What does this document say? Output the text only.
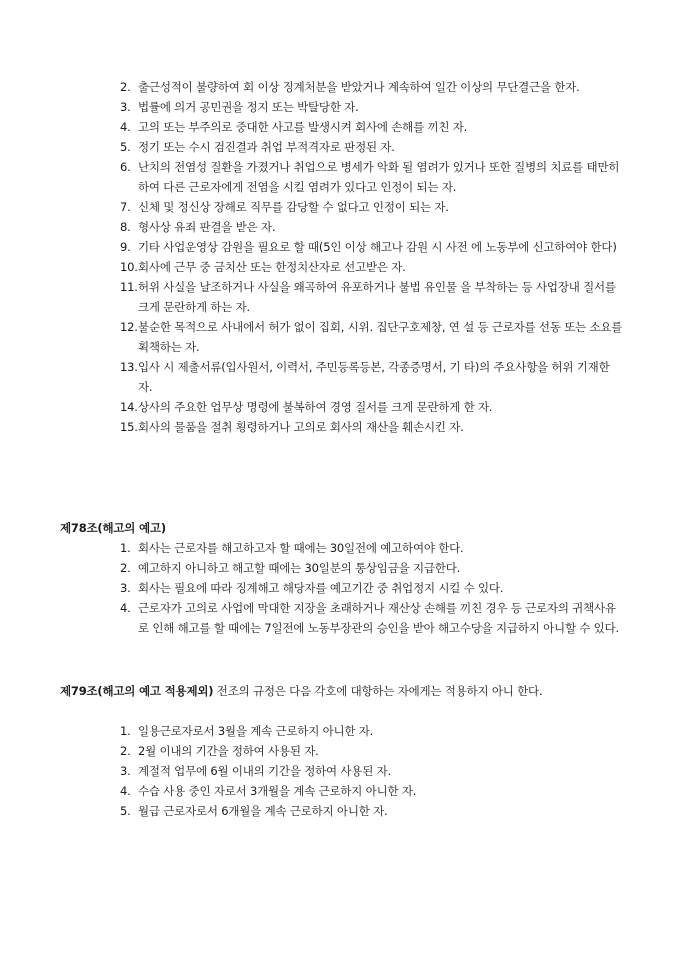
2. 출근성적이 불량하여 회 이상 징계처분을 받았거나 계속하여 일간 이상의 무단결근을 한자.
3. 법률에 의거 공민권을 정지 또는 박탈당한 자.
4. 고의 또는 부주의로 중대한 사고를 발생시켜 회사에 손해를 끼친 자.
5. 정기 또는 수시 검진결과 취업 부적격자로 판정된 자.
6. 난치의 전염성 질환을 가졌거나 취업으로 병세가 악화 될 염려가 있거나 또한 질병의 치료를 태만히 하여 다른 근로자에게 전염을 시킬 염려가 있다고 인정이 되는 자.
7. 신체 및 정신상 장해로 직무를 감당할 수 없다고 인정이 되는 자.
8. 형사상 유죄 판결을 받은 자.
9. 기타 사업운영상 감원을 필요로 할 때(5인 이상 해고나 감원 시 사전 에 노동부에 신고하여야 한다)
10. 회사에 근무 중 금치산 또는 한정치산자로 선고받은 자.
11. 허위 사실을 날조하거나 사실을 왜곡하여 유포하거나 불법 유인물 을 부착하는 등 사업장내 질서를 크게 문란하게 하는 자.
12. 불순한 목적으로 사내에서 허가 없이 집회, 시위. 집단구호제창, 연 설 등 근로자를 선동 또는 소요를 획책하는 자.
13. 입사 시 제출서류(입사원서, 이력서, 주민등록등본, 각종증명서, 기 타)의 주요사항을 허위 기재한 자.
14. 상사의 주요한 업무상 명령에 불복하여 경영 질서를 크게 문란하게 한 자.
15. 회사의 물품을 절취 횡령하거나 고의로 회사의 재산을 훼손시킨 자.
제78조(해고의 예고)
1. 회사는 근로자를 해고하고자 할 때에는 30일전에 예고하여야 한다.
2. 예고하지 아니하고 해고할 때에는 30일분의 통상임금을 지급한다.
3. 회사는 필요에 따라 징계해고 해당자를 예고기간 중 취업정지 시킬 수 있다.
4. 근로자가 고의로 사업에 막대한 지장을 초래하거나 재산상 손해를 끼친 경우 등 근로자의 귀책사유로 인해 해고를 할 때에는 7일전에 노동부장관의 승인을 받아 해고수당을 지급하지 아니할 수 있다.
제79조(해고의 예고 적용제외) 전조의 규정은 다음 각호에 대항하는 자에게는 적용하지 아니 한다.
1. 일용근로자로서 3월을 계속 근로하지 아니한 자.
2. 2월 이내의 기간을 정하여 사용된 자.
3. 계절적 업무에 6월 이내의 기간을 정하여 사용된 자.
4. 수습 사용 중인 자로서 3개월을 계속 근로하지 아니한 자.
5. 월급 근로자로서 6개월을 계속 근로하지 아니한 자.
